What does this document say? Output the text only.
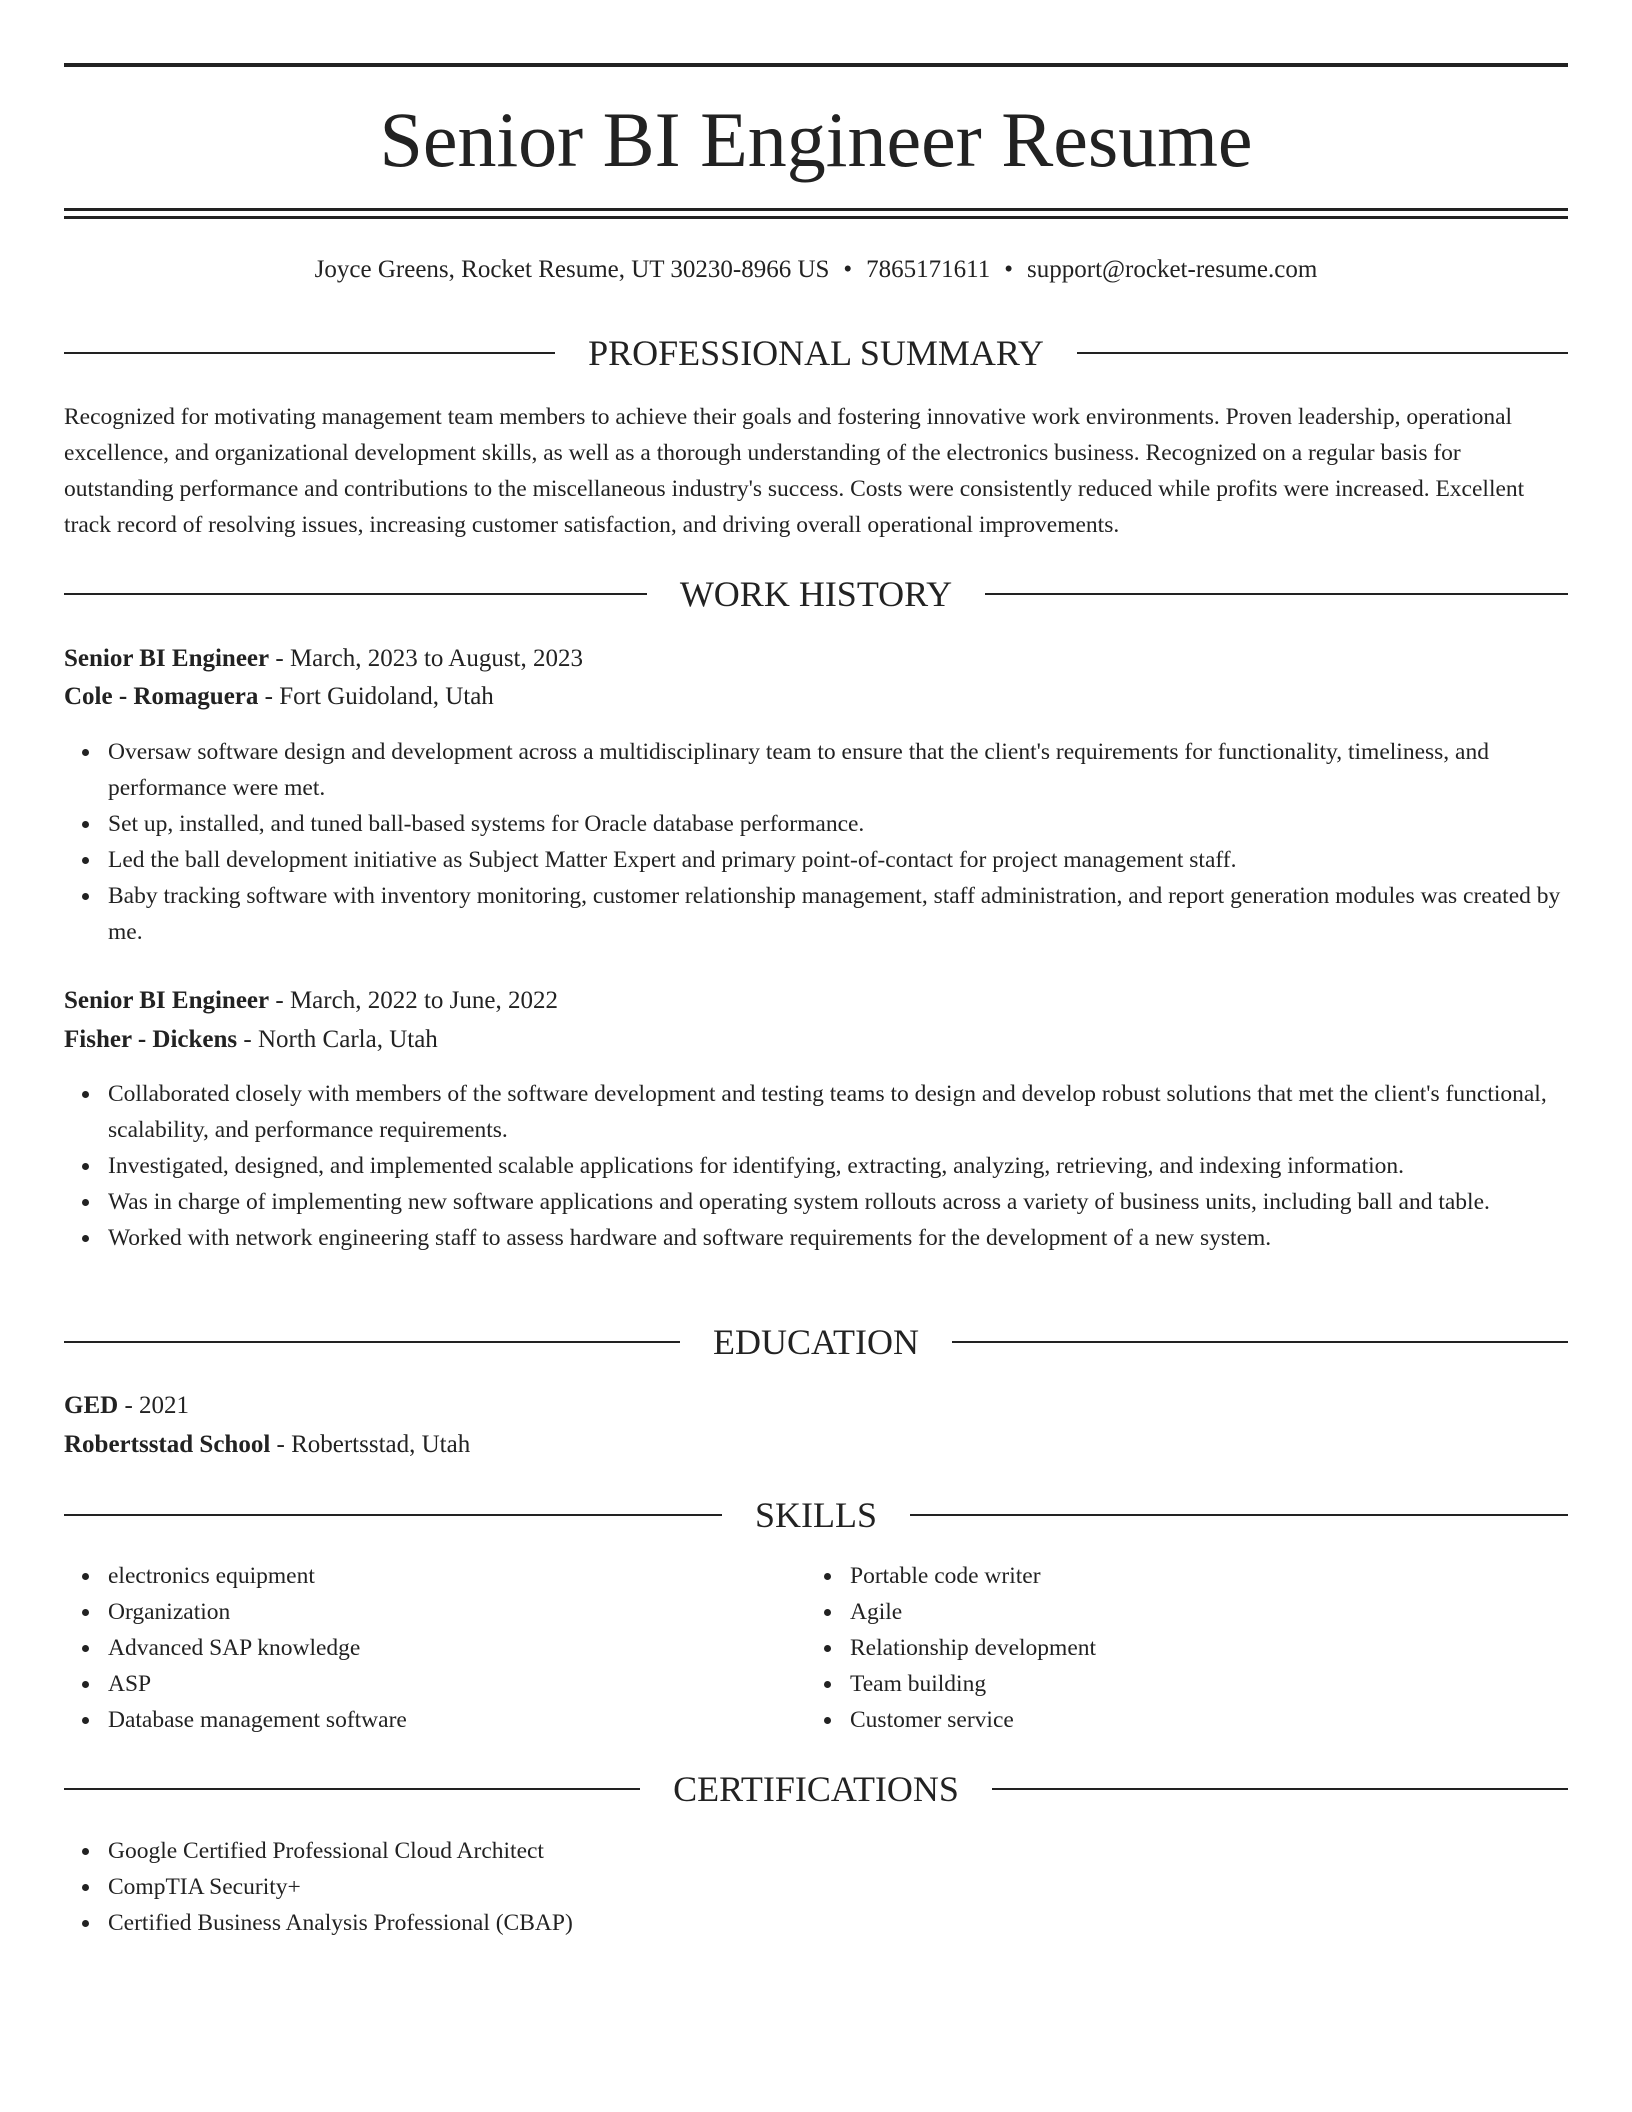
Senior BI Engineer Resume
Joyce Greens, Rocket Resume, UT 30230-8966 US • 7865171611 • support@rocket-resume.com
PROFESSIONAL SUMMARY

Recognized for motivating management team members to achieve their goals and fostering innovative work environments. Proven leadership, operational excellence, and organizational development skills, as well as a thorough understanding of the electronics business. Recognized on a regular basis for outstanding performance and contributions to the miscellaneous industry's success. Costs were consistently reduced while profits were increased. Excellent track record of resolving issues, increasing customer satisfaction, and driving overall operational improvements.

WORK HISTORY
Senior BI Engineer - March, 2023 to August, 2023
Cole - Romaguera - Fort Guidoland, Utah
Oversaw software design and development across a multidisciplinary team to ensure that the client's requirements for functionality, timeliness, and performance were met.
Set up, installed, and tuned ball-based systems for Oracle database performance.
Led the ball development initiative as Subject Matter Expert and primary point-of-contact for project management staff.
Baby tracking software with inventory monitoring, customer relationship management, staff administration, and report generation modules was created by me.
Senior BI Engineer - March, 2022 to June, 2022
Fisher - Dickens - North Carla, Utah
Collaborated closely with members of the software development and testing teams to design and develop robust solutions that met the client's functional, scalability, and performance requirements.
Investigated, designed, and implemented scalable applications for identifying, extracting, analyzing, retrieving, and indexing information.
Was in charge of implementing new software applications and operating system rollouts across a variety of business units, including ball and table.
Worked with network engineering staff to assess hardware and software requirements for the development of a new system.
EDUCATION
GED - 2021
Robertsstad School - Robertsstad, Utah
SKILLS
electronics equipment
Organization
Advanced SAP knowledge
ASP
Database management software
Portable code writer
Agile
Relationship development
Team building
Customer service
CERTIFICATIONS
Google Certified Professional Cloud Architect
CompTIA Security+
Certified Business Analysis Professional (CBAP)
